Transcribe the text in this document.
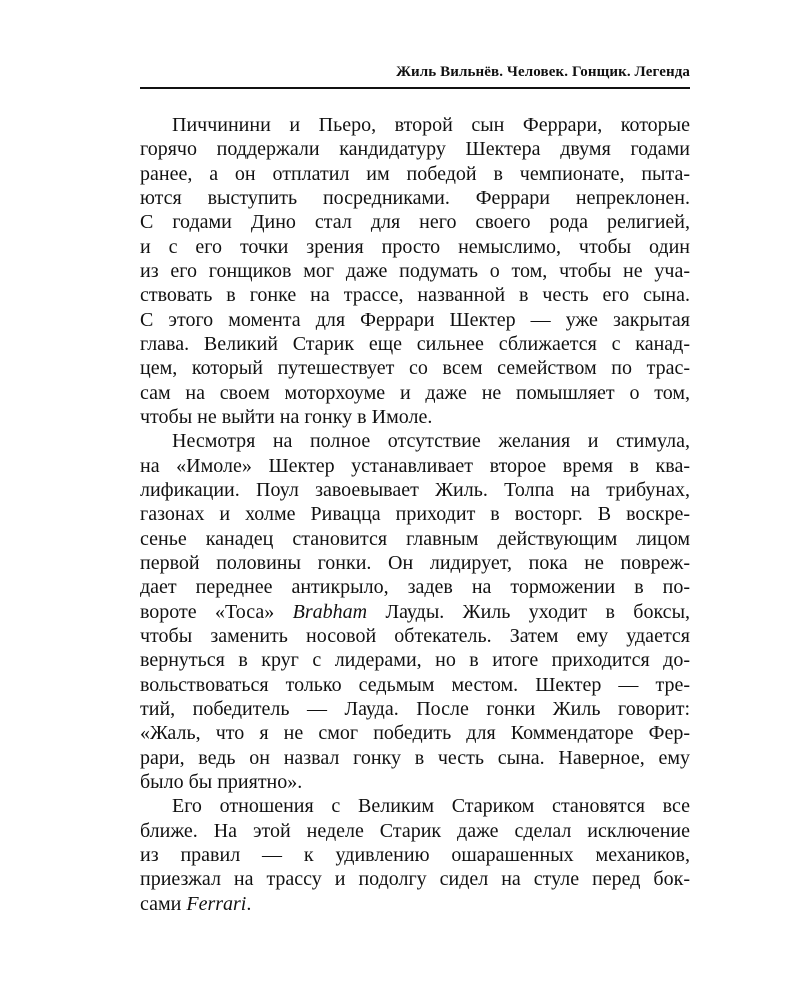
Жиль Вильнёв. Человек. Гонщик. Легенда
Пиччинини и Пьеро, второй сын Феррари, которые
горячо поддержали кандидатуру Шектера двумя годами
ранее, а он отплатил им победой в чемпионате, пыта-
ются выступить посредниками. Феррари непреклонен.
С годами Дино стал для него своего рода религией,
и с его точки зрения просто немыслимо, чтобы один
из его гонщиков мог даже подумать о том, чтобы не уча-
ствовать в гонке на трассе, названной в честь его сына.
С этого момента для Феррари Шектер — уже закрытая
глава. Великий Старик еще сильнее сближается с канад-
цем, который путешествует со всем семейством по трас-
сам на своем моторхоуме и даже не помышляет о том,
чтобы не выйти на гонку в Имоле.
Несмотря на полное отсутствие желания и стимула,
на «Имоле» Шектер устанавливает второе время в ква-
лификации. Поул завоевывает Жиль. Толпа на трибунах,
газонах и холме Риваццa приходит в восторг. В воскре-
сенье канадец становится главным действующим лицом
первой половины гонки. Он лидирует, пока не повреж-
дает переднее антикрыло, задев на торможении в по-
вороте «Тоса» Brabham Лауды. Жиль уходит в боксы,
чтобы заменить носовой обтекатель. Затем ему удается
вернуться в круг с лидерами, но в итоге приходится до-
вольствоваться только седьмым местом. Шектер — тре-
тий, победитель — Лауда. После гонки Жиль говорит:
«Жаль, что я не смог победить для Коммендаторе Фер-
рари, ведь он назвал гонку в честь сына. Наверное, ему
было бы приятно».
Его отношения с Великим Стариком становятся все
ближе. На этой неделе Старик даже сделал исключение
из правил — к удивлению ошарашенных механиков,
приезжал на трассу и подолгу сидел на стуле перед бок-
сами Ferrari.
